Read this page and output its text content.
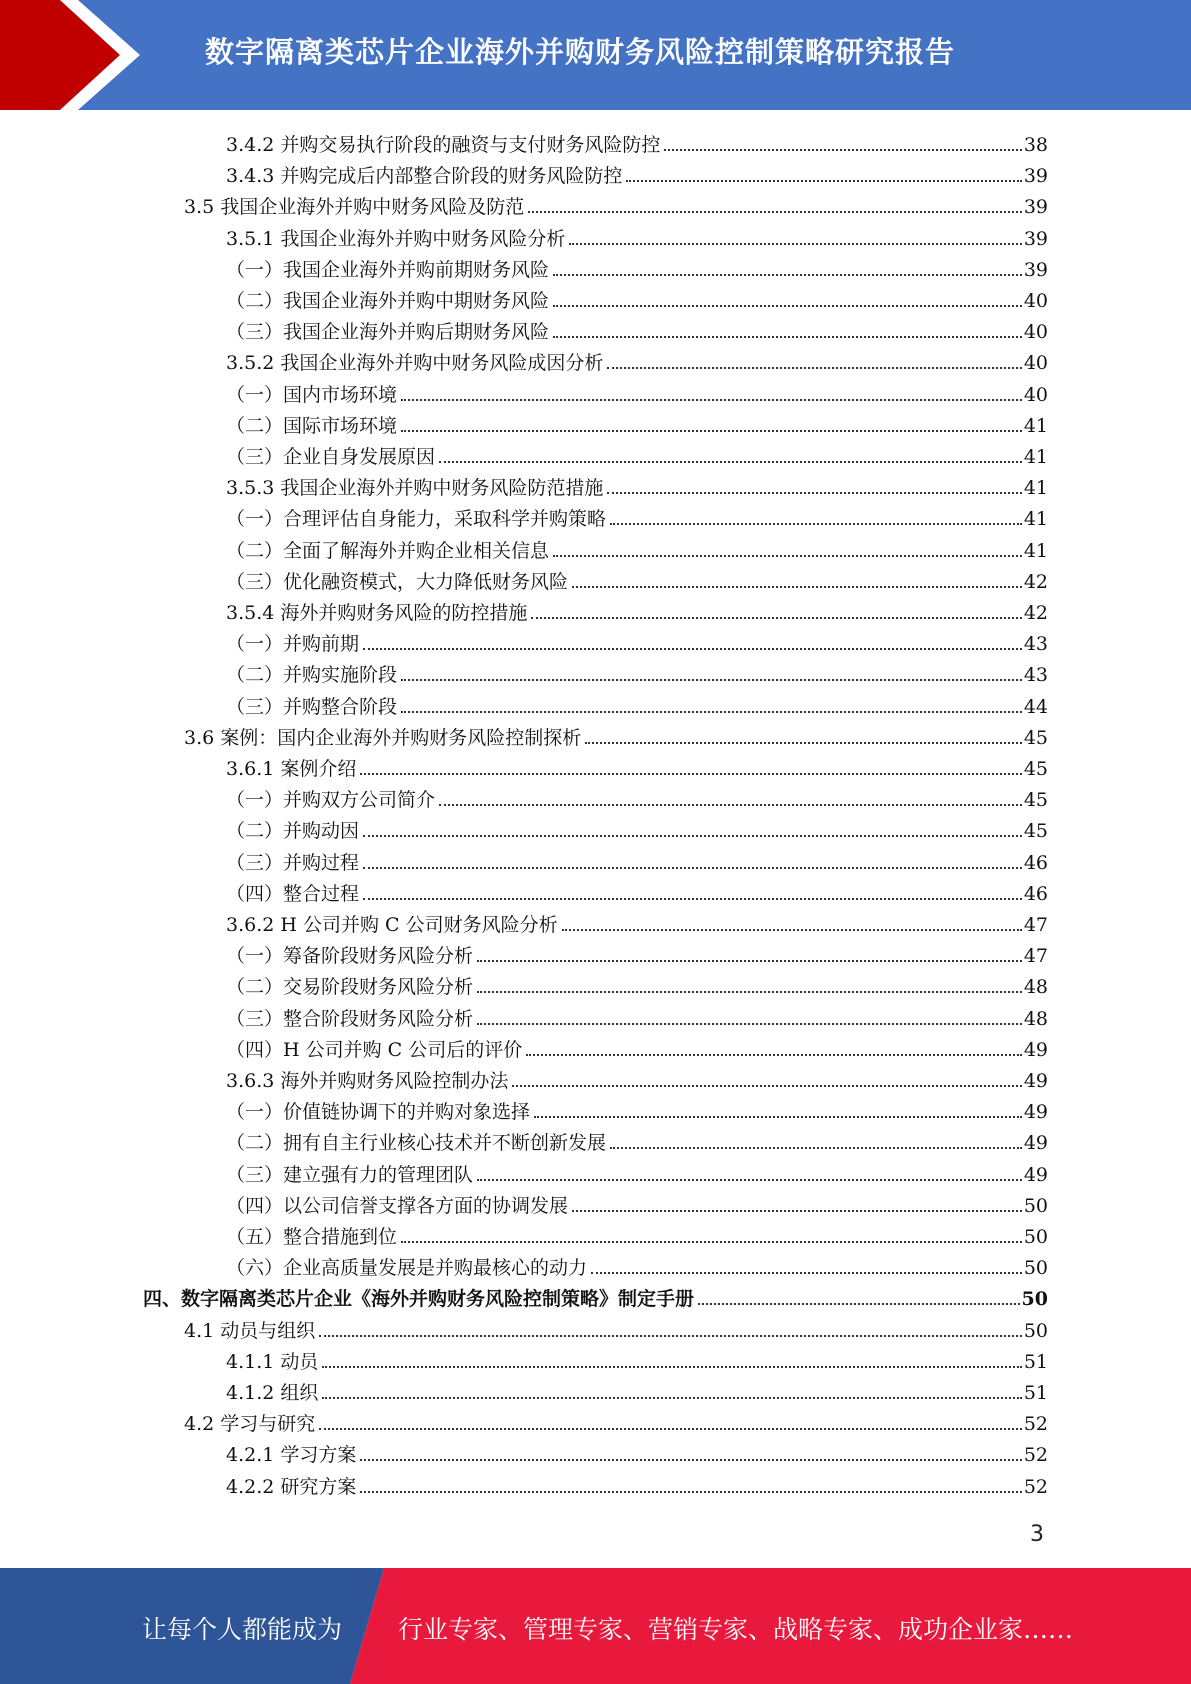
数字隔离类芯片企业海外并购财务风险控制策略研究报告
3.4.2 并购交易执行阶段的融资与支付财务风险防控	38
3.4.3 并购完成后内部整合阶段的财务风险防控	39
3.5 我国企业海外并购中财务风险及防范	39
3.5.1 我国企业海外并购中财务风险分析	39
（一）我国企业海外并购前期财务风险	39
（二）我国企业海外并购中期财务风险	40
（三）我国企业海外并购后期财务风险	40
3.5.2 我国企业海外并购中财务风险成因分析	40
（一）国内市场环境	40
（二）国际市场环境	41
（三）企业自身发展原因	41
3.5.3 我国企业海外并购中财务风险防范措施	41
（一）合理评估自身能力，采取科学并购策略	41
（二）全面了解海外并购企业相关信息	41
（三）优化融资模式，大力降低财务风险	42
3.5.4 海外并购财务风险的防控措施	42
（一）并购前期	43
（二）并购实施阶段	43
（三）并购整合阶段	44
3.6 案例：国内企业海外并购财务风险控制探析	45
3.6.1 案例介绍	45
（一）并购双方公司简介	45
（二）并购动因	45
（三）并购过程	46
（四）整合过程	46
3.6.2 H 公司并购 C 公司财务风险分析	47
（一）筹备阶段财务风险分析	47
（二）交易阶段财务风险分析	48
（三）整合阶段财务风险分析	48
（四）H 公司并购 C 公司后的评价	49
3.6.3 海外并购财务风险控制办法	49
（一）价值链协调下的并购对象选择	49
（二）拥有自主行业核心技术并不断创新发展	49
（三）建立强有力的管理团队	49
（四）以公司信誉支撑各方面的协调发展	50
（五）整合措施到位	50
（六）企业高质量发展是并购最核心的动力	50
四、数字隔离类芯片企业《海外并购财务风险控制策略》制定手册	50
4.1 动员与组织	50
4.1.1 动员	51
4.1.2 组织	51
4.2 学习与研究	52
4.2.1 学习方案	52
4.2.2 研究方案	52
3
让每个人都能成为 行业专家、管理专家、营销专家、战略专家、成功企业家……
